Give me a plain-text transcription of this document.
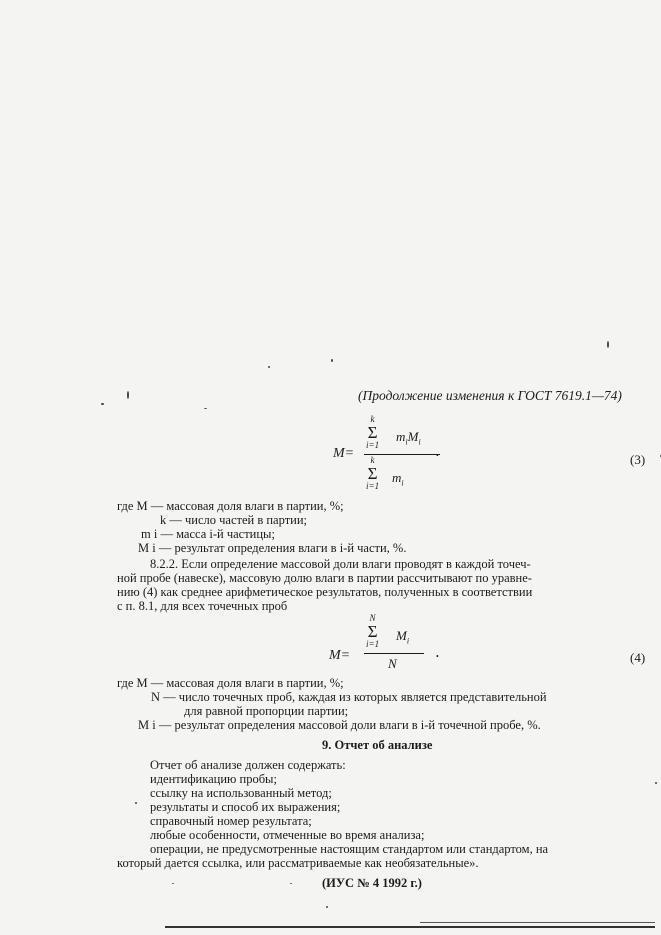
(Продолжение изменения к ГОСТ 7619.1—74)
M=
k
Σ
i=1
$m_iM_i$
k
Σ
i=1
$m_i$
•	(3)
где M — массовая доля влаги в партии, %;
k — число частей в партии;
m i — масса i-й частицы;
M i — результат определения влаги в i-й части, %.
8.2.2. Если определение массовой доли влаги проводят в каждой точеч-
ной пробе (навеске), массовую долю влаги в партии рассчитывают по уравне-
нию (4) как среднее арифметическое результатов, полученных в соответствии
с п. 8.1, для всех точечных проб
M=
N
Σ
i=1
$M_i$
N	•	(4)
где M — массовая доля влаги в партии, %;
N — число точечных проб, каждая из которых является представительной
для равной пропорции партии;
M i — результат определения массовой доли влаги в i-й точечной пробе, %.
9. Отчет об анализе
Отчет об анализе должен содержать:
идентификацию пробы;
ссылку на использованный метод;
результаты и способ их выражения;
справочный номер результата;
любые особенности, отмеченные во время анализа;
операции, не предусмотренные настоящим стандартом или стандартом, на
который дается ссылка, или рассматриваемые как необязательные».
(ИУС № 4 1992 г.)
